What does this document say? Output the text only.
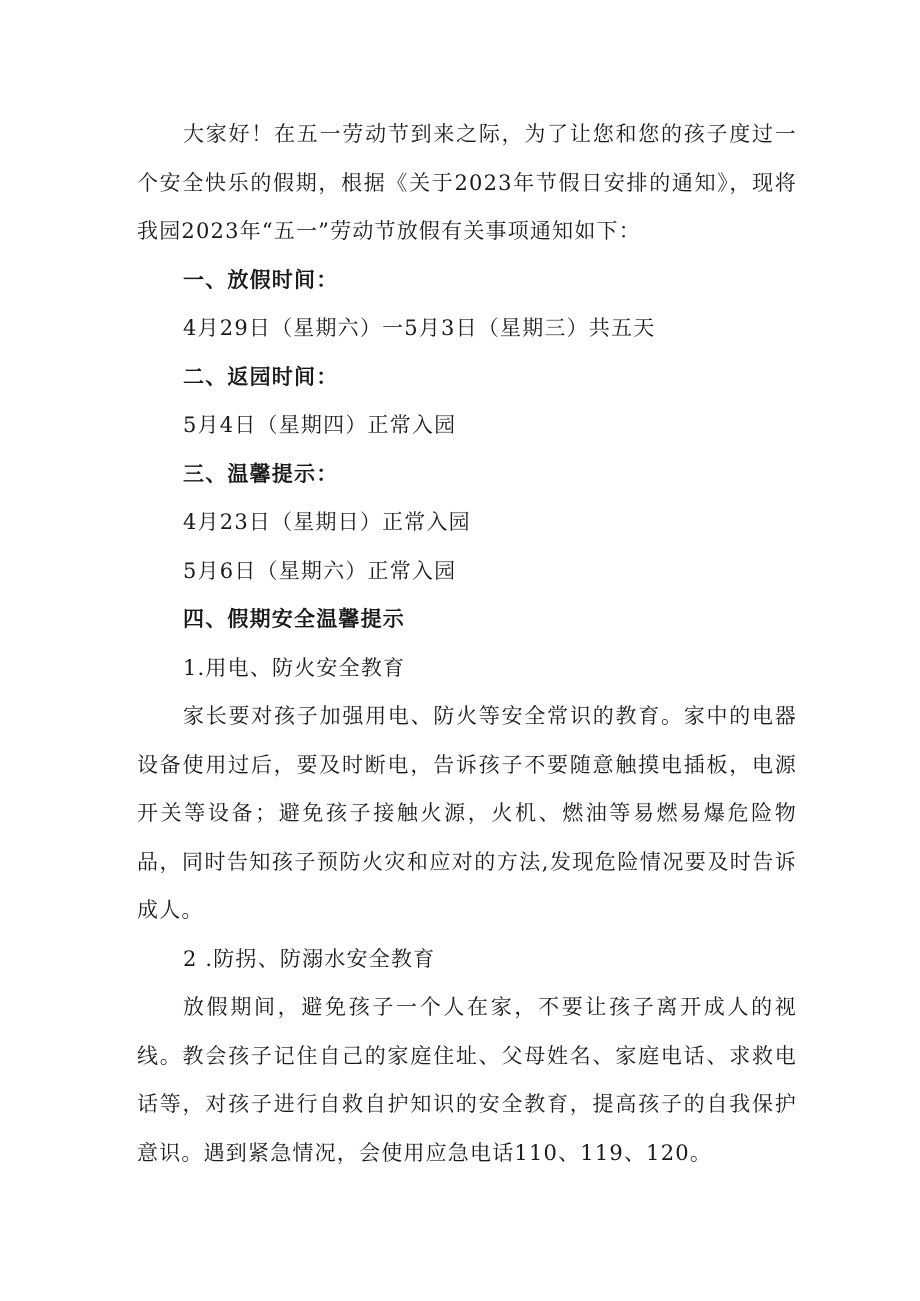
大家好！在五一劳动节到来之际，为了让您和您的孩子度过一个安全快乐的假期，根据《关于2023年节假日安排的通知》，现将我园2023年“五一”劳动节放假有关事项通知如下：

一、放假时间：

4月29日（星期六）一5月3日（星期三）共五天

二、返园时间：

5月4日（星期四）正常入园

三、温馨提示：

4月23日（星期日）正常入园

5月6日（星期六）正常入园

四、假期安全温馨提示

1.用电、防火安全教育

家长要对孩子加强用电、防火等安全常识的教育。家中的电器设备使用过后，要及时断电，告诉孩子不要随意触摸电插板，电源开关等设备；避免孩子接触火源，火机、燃油等易燃易爆危险物品，同时告知孩子预防火灾和应对的方法,发现危险情况要及时告诉成人。

2 .防拐、防溺水安全教育

放假期间，避免孩子一个人在家，不要让孩子离开成人的视线。教会孩子记住自己的家庭住址、父母姓名、家庭电话、求救电话等，对孩子进行自救自护知识的安全教育，提高孩子的自我保护意识。遇到紧急情况，会使用应急电话110、119、120。
